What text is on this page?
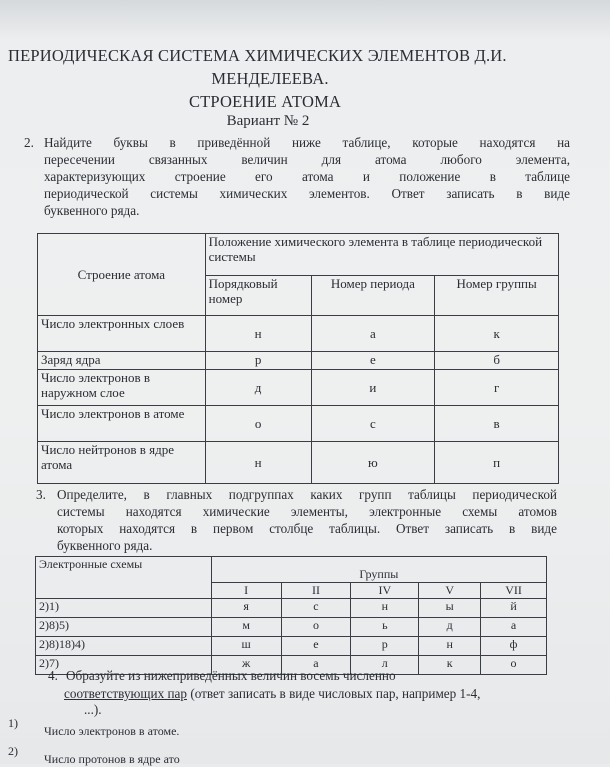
ПЕРИОДИЧЕСКАЯ СИСТЕМА ХИМИЧЕСКИХ ЭЛЕМЕНТОВ Д.И.
МЕНДЕЛЕЕВА.
СТРОЕНИЕ АТОМА
Вариант № 2
2. Найдите буквы в приведённой ниже таблице, которые находятся на
пересечении связанных величин для атома любого элемента,
характеризующих строение его атома и положение в таблице
периодической системы химических элементов. Ответ записать в виде
буквенного ряда.
Строение атома	Положение химического элемента в таблице периодической системы		
	Порядковый номер	Номер периода	Номер группы
Число электронных слоев	н	а	к
Заряд ядра	р	е	б
Число электронов в наружном слое	д	и	г
Число электронов в атоме	о	с	в
Число нейтронов в ядре атома	н	ю	п
3. Определите, в главных подгруппах каких групп таблицы периодической
системы находятся химические элементы, электронные схемы атомов
которых находятся в первом столбце таблицы. Ответ записать в виде
буквенного ряда.
Электронные схемы	Группы				
	I	II	IV	V	VII
2)1)	я	с	н	ы	й
2)8)5)	м	о	ь	д	а
2)8)18)4)	ш	е	р	н	ф
2)7)	ж	а	л	к	о
4. Образуйте из нижеприведённых величин восемь численно
соответствующих пар (ответ записать в виде числовых пар, например 1-4,
...).
1)
Число электронов в атоме.
2)
Число протонов в ядре ато
